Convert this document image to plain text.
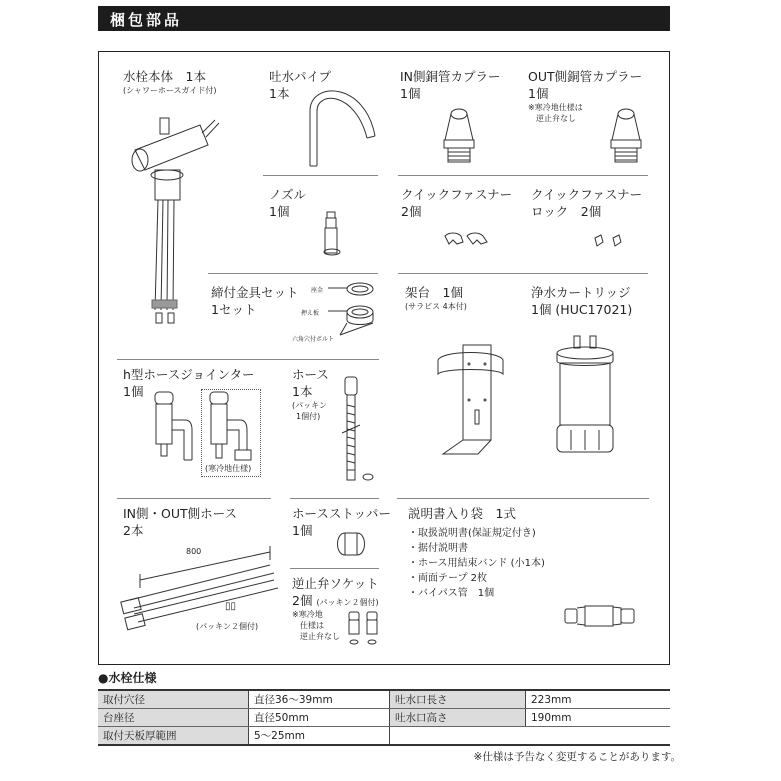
梱包部品
水栓本体　1本
(シャワーホースガイド付)
吐水パイプ
1本
IN側銅管カプラー
1個
OUT側銅管カプラー
1個
※寒冷地仕様は
逆止弁なし
ノズル
1個
クイックファスナー
2個
クイックファスナー
ロック　2個
締付金具セット
1セット
座金
押え板
六角穴付ボルト
架台　1個
(サラビス 4本付)
浄水カートリッジ
1個 (HUC17021)
h型ホースジョインター
1個
(寒冷地仕様)
ホース
1本
(パッキン
1個付)
IN側・OUT側ホース
2本
800
▯▯
(パッキン２個付)
ホースストッパー
1個
逆止弁ソケット
2個 (パッキン２個付)
※寒冷地
仕様は
逆止弁なし
説明書入り袋　1式
・取扱説明書(保証規定付き)
・据付説明書
・ホース用結束バンド (小1本)
・両面テープ 2枚
・バイパス管　1個
●水栓仕様
取付穴径	直径36〜39mm	吐水口長さ	223mm
台座径	直径50mm	吐水口高さ	190mm
取付天板厚範囲	5〜25mm		
※仕様は予告なく変更することがあります。
